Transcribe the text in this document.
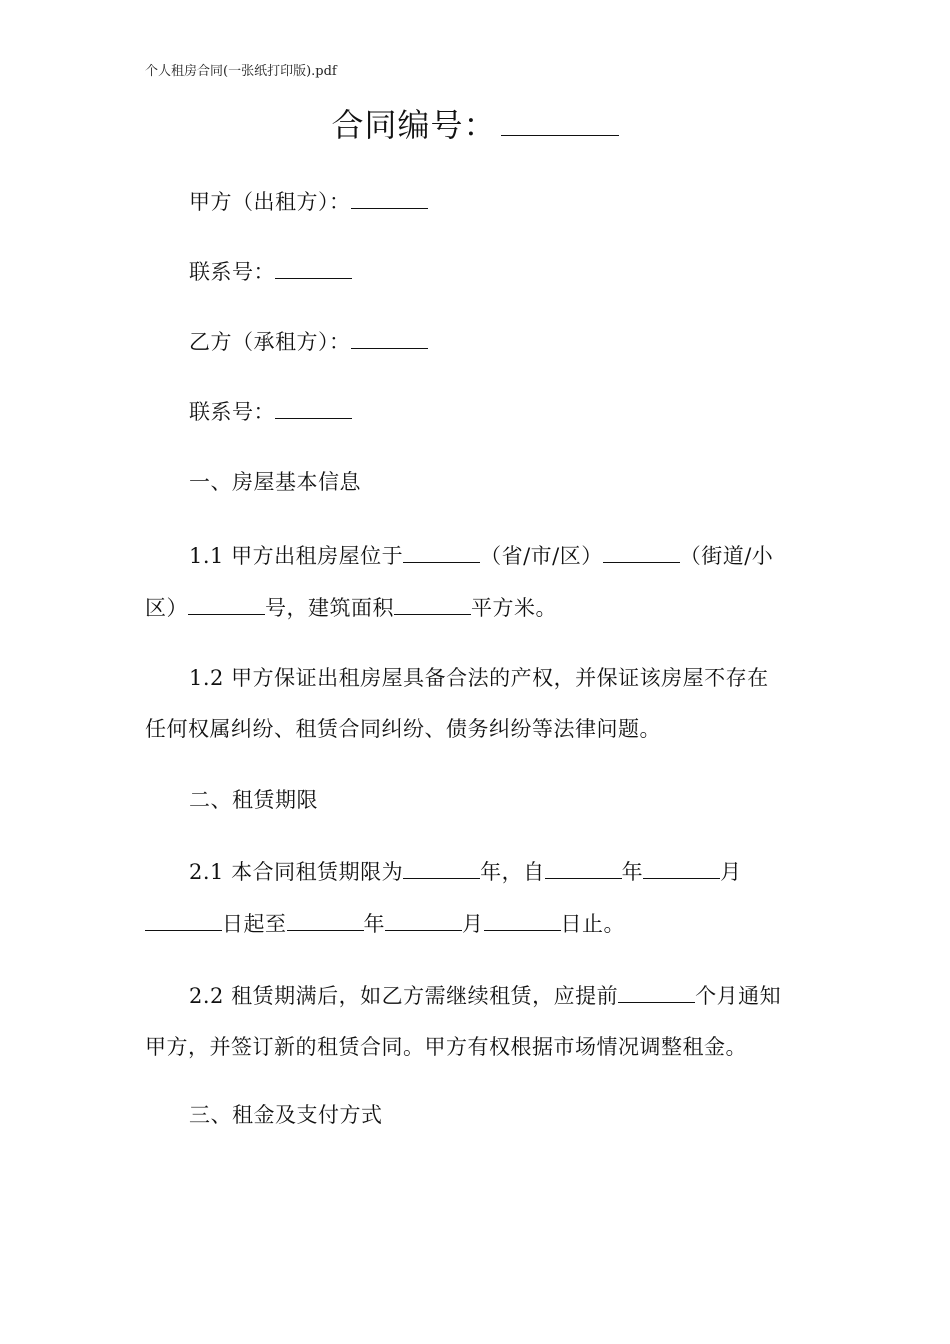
个人租房合同(一张纸打印版).pdf
合同编号：
甲方（出租方）：
联系号：
乙方（承租方）：
联系号：
一、房屋基本信息
1.1 甲方出租房屋位于	（省/市/区）	（街道/小
区）	号，建筑面积	平方米。
1.2 甲方保证出租房屋具备合法的产权，并保证该房屋不存在
任何权属纠纷、租赁合同纠纷、债务纠纷等法律问题。
二、租赁期限
2.1 本合同租赁期限为	年，自	年	月
日起至	年	月	日止。
2.2 租赁期满后，如乙方需继续租赁，应提前	个月通知
甲方，并签订新的租赁合同。甲方有权根据市场情况调整租金。
三、租金及支付方式
